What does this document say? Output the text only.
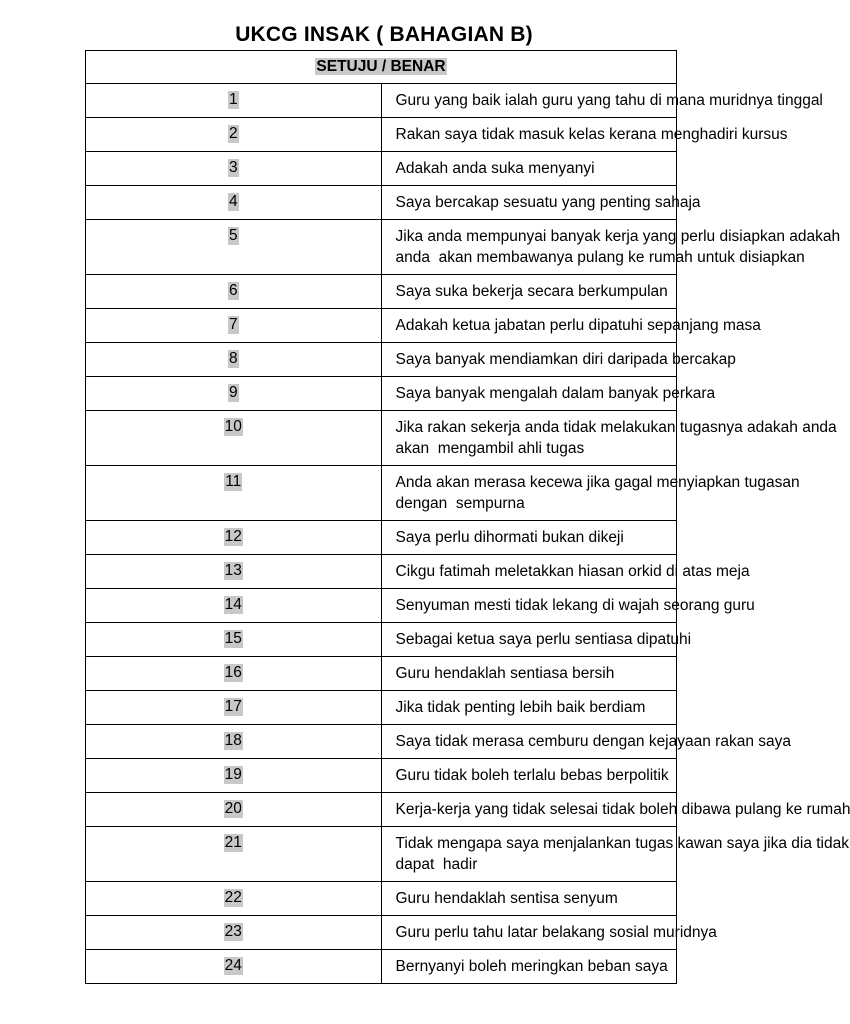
UKCG INSAK ( BAHAGIAN B)
SETUJU / BENAR	
1	Guru yang baik ialah guru yang tahu di mana muridnya tinggal

2	Rakan saya tidak masuk kelas kerana menghadiri kursus

3	Adakah anda suka menyanyi

4	Saya bercakap sesuatu yang penting sahaja

5	Jika anda mempunyai banyak kerja yang perlu disiapkan adakah
anda  akan membawanya pulang ke rumah untuk disiapkan

6	Saya suka bekerja secara berkumpulan

7	Adakah ketua jabatan perlu dipatuhi sepanjang masa

8	Saya banyak mendiamkan diri daripada bercakap

9	Saya banyak mengalah dalam banyak perkara

10	Jika rakan sekerja anda tidak melakukan tugasnya adakah anda
akan  mengambil ahli tugas

11	Anda akan merasa kecewa jika gagal menyiapkan tugasan
dengan  sempurna

12	Saya perlu dihormati bukan dikeji

13	Cikgu fatimah meletakkan hiasan orkid di atas meja

14	Senyuman mesti tidak lekang di wajah seorang guru

15	Sebagai ketua saya perlu sentiasa dipatuhi

16	Guru hendaklah sentiasa bersih

17	Jika tidak penting lebih baik berdiam

18	Saya tidak merasa cemburu dengan kejayaan rakan saya

19	Guru tidak boleh terlalu bebas berpolitik

20	Kerja-kerja yang tidak selesai tidak boleh dibawa pulang ke rumah

21	Tidak mengapa saya menjalankan tugas kawan saya jika dia tidak
dapat  hadir

22	Guru hendaklah sentisa senyum

23	Guru perlu tahu latar belakang sosial muridnya

24	Bernyanyi boleh meringkan beban saya
